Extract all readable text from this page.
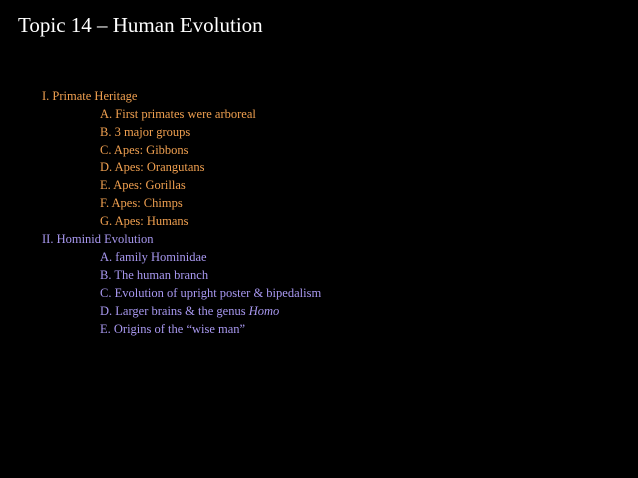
Topic 14 – Human Evolution
I. Primate Heritage
A. First primates were arboreal
B. 3 major groups
C. Apes: Gibbons
D. Apes: Orangutans
E. Apes: Gorillas
F. Apes: Chimps
G. Apes: Humans
II. Hominid Evolution
A. family Hominidae
B. The human branch
C. Evolution of upright poster & bipedalism
D. Larger brains & the genus Homo
E. Origins of the “wise man”
